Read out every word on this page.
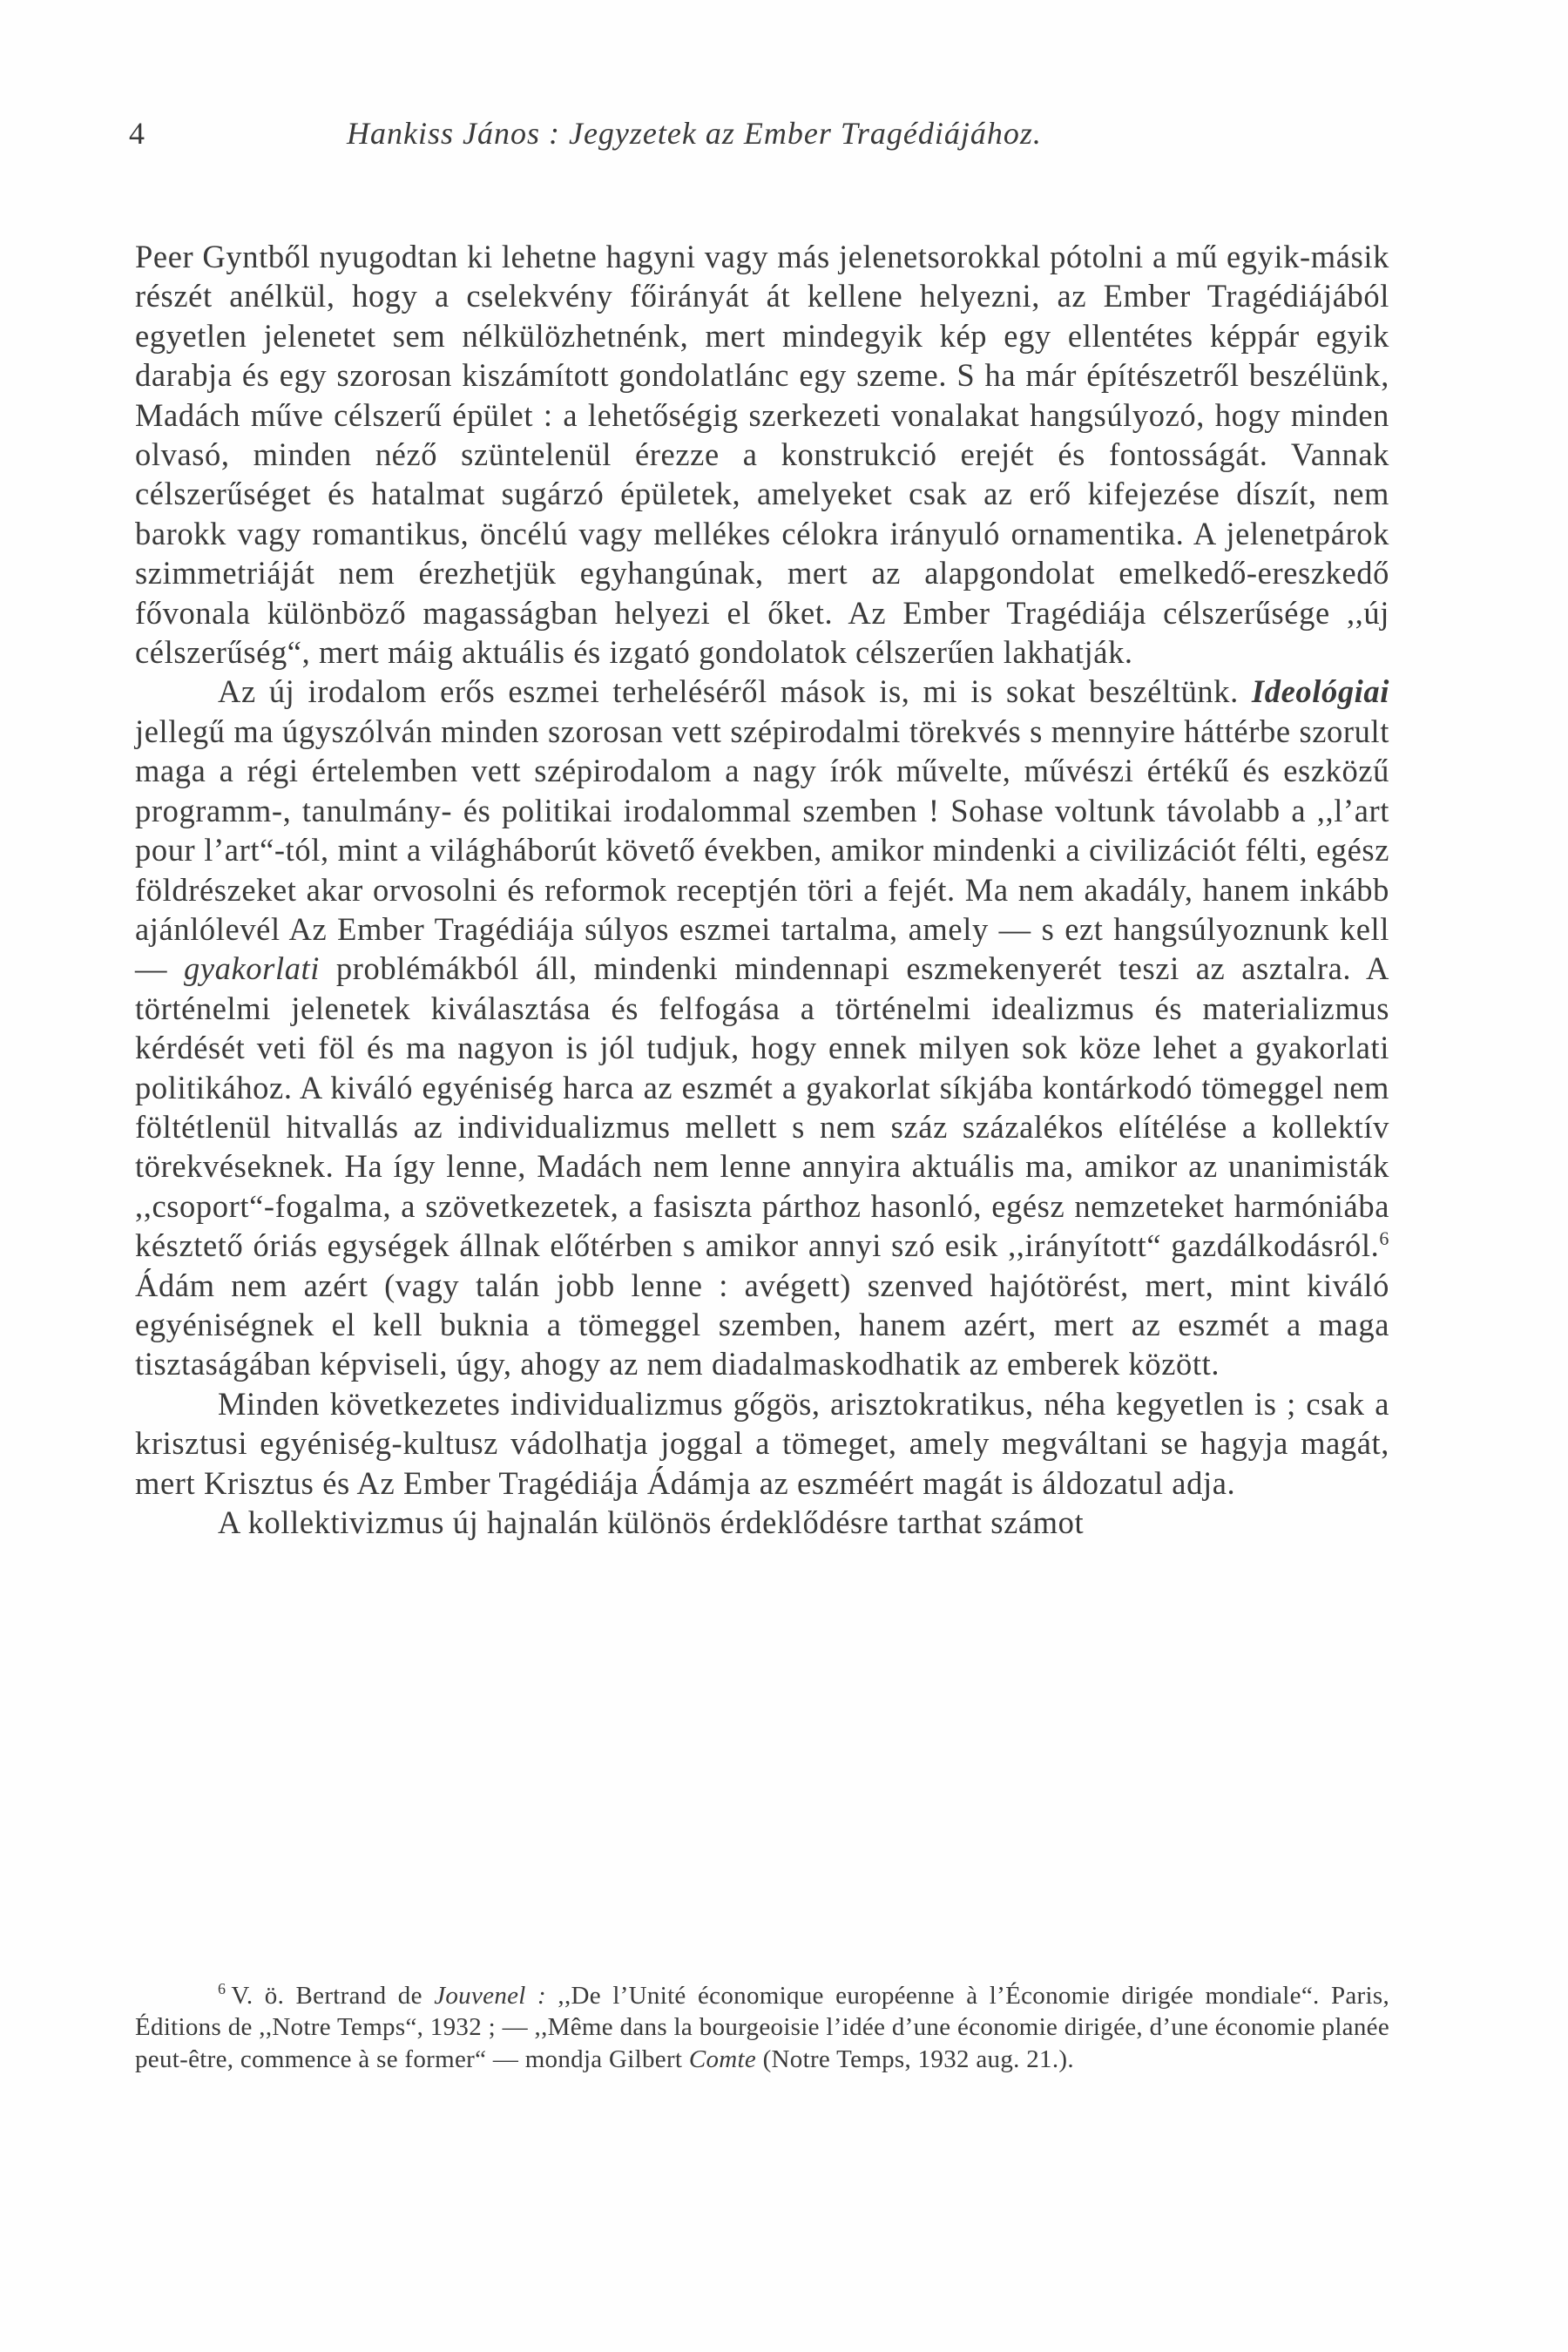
4	Hankiss János : Jegyzetek az Ember Tragédiájához.

Peer Gyntből nyugodtan ki lehetne hagyni vagy más jelenetsorokkal pótolni a mű egyik-másik részét anélkül, hogy a cselekvény főirányát át kellene helyezni, az Ember Tragédiájából egyetlen jelenetet sem nélkülözhetnénk, mert mindegyik kép egy ellentétes képpár egyik darabja és egy szorosan kiszámított gondolatlánc egy szeme. S ha már építészetről beszélünk, Madách műve célszerű épület : a lehetőségig szerkezeti vonalakat hangsúlyozó, hogy minden olvasó, minden néző szüntelenül érezze a konstrukció erejét és fontosságát. Vannak célszerűséget és hatalmat sugárzó épületek, amelyeket csak az erő kifejezése díszít, nem barokk vagy romantikus, öncélú vagy mellékes célokra irányuló ornamentika. A jelenetpárok szimmetriáját nem érezhetjük egyhangúnak, mert az alapgondolat emelkedő-ereszkedő fővonala különböző magasságban helyezi el őket. Az Ember Tragédiája célszerűsége ,,új célszerűség“, mert máig aktuális és izgató gondolatok célszerűen lakhatják.

Az új irodalom erős eszmei terheléséről mások is, mi is sokat beszéltünk. Ideológiai jellegű ma úgyszólván minden szorosan vett szépirodalmi törekvés s mennyire háttérbe szorult maga a régi értelemben vett szépirodalom a nagy írók művelte, művészi értékű és eszközű programm-, tanulmány- és politikai irodalommal szemben ! Sohase voltunk távolabb a ,,l’art pour l’art“-tól, mint a világháborút követő években, amikor mindenki a civilizációt félti, egész földrészeket akar orvosolni és reformok receptjén töri a fejét. Ma nem akadály, hanem inkább ajánlólevél Az Ember Tragédiája súlyos eszmei tartalma, amely — s ezt hangsúlyoznunk kell — gyakorlati problémákból áll, mindenki mindennapi eszmekenyerét teszi az asztalra. A történelmi jelenetek kiválasztása és felfogása a történelmi idealizmus és materializmus kérdését veti föl és ma nagyon is jól tudjuk, hogy ennek milyen sok köze lehet a gyakorlati politikához. A kiváló egyéniség harca az eszmét a gyakorlat síkjába kontárkodó tömeggel nem föltétlenül hitvallás az individualizmus mellett s nem száz százalékos elítélése a kollektív törekvéseknek. Ha így lenne, Madách nem lenne annyira aktuális ma, amikor az unanimisták ,,csoport“-fogalma, a szövetkezetek, a fasiszta párthoz hasonló, egész nemzeteket harmóniába késztető óriás egységek állnak előtérben s amikor annyi szó esik ,,irányított“ gazdálkodásról.$^6$ Ádám nem azért (vagy talán jobb lenne : avégett) szenved hajótörést, mert, mint kiváló egyéniségnek el kell buknia a tömeggel szemben, hanem azért, mert az eszmét a maga tisztaságában képviseli, úgy, ahogy az nem diadalmaskodhatik az emberek között.

Minden következetes individualizmus gőgös, arisztokratikus, néha kegyetlen is ; csak a krisztusi egyéniség-kultusz vádolhatja joggal a tömeget, amely megváltani se hagyja magát, mert Krisztus és Az Ember Tragédiája Ádámja az eszméért magát is áldozatul adja.

A kollektivizmus új hajnalán különös érdeklődésre tarthat számot

$^6$ V. ö. Bertrand de Jouvenel : ,,De l’Unité économique européenne à l’Économie dirigée mondiale“. Paris, Éditions de ,,Notre Temps“, 1932 ; — ,,Même dans la bourgeoisie l’idée d’une économie dirigée, d’une économie planée peut-être, commence à se former“ — mondja Gilbert Comte (Notre Temps, 1932 aug. 21.).
